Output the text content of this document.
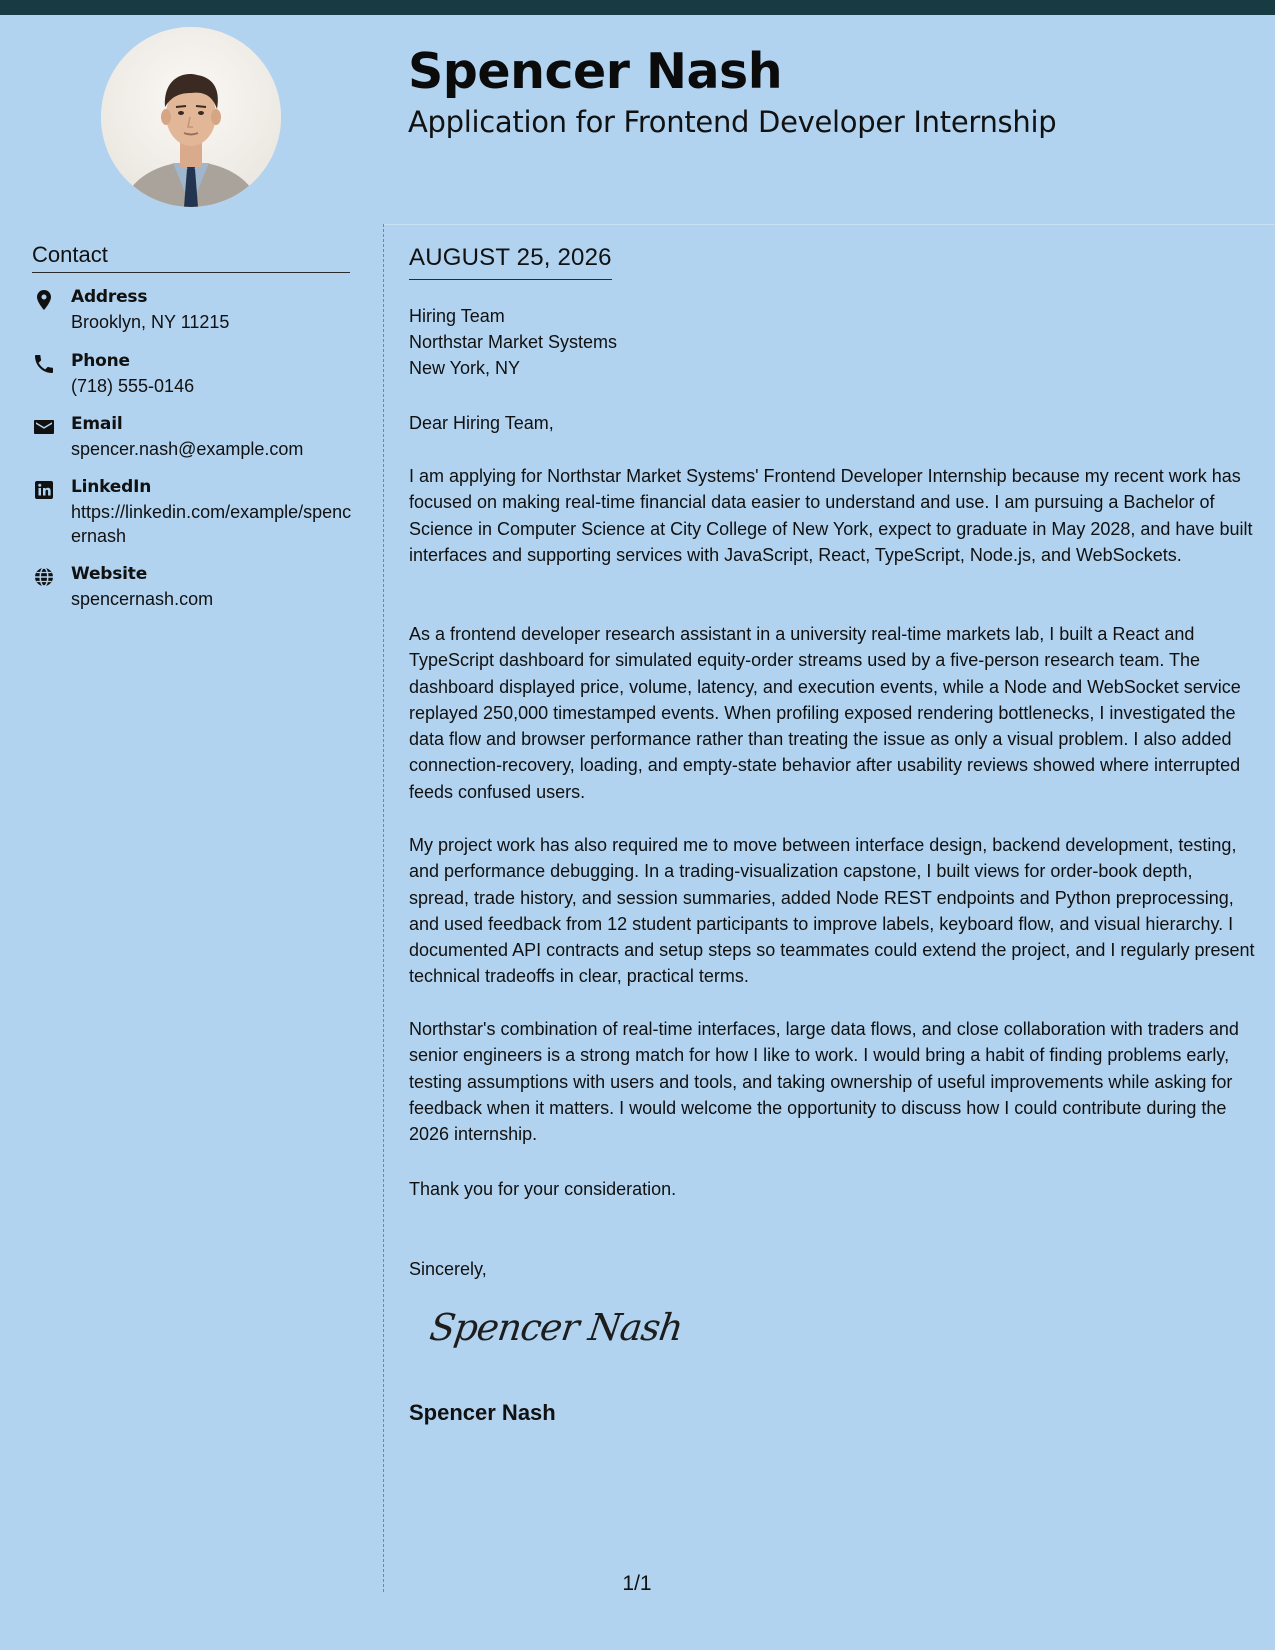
Spencer Nash
Application for Frontend Developer Internship
Contact
Address
Brooklyn, NY 11215
Phone
(718) 555-0146
Email
spencer.nash@example.com
LinkedIn
https://linkedin.com/example/spencernash
Website
spencernash.com
AUGUST 25, 2026
Hiring Team
Northstar Market Systems
New York, NY

Dear Hiring Team,

I am applying for Northstar Market Systems' Frontend Developer Internship because my recent work has focused on making real-time financial data easier to understand and use. I am pursuing a Bachelor of Science in Computer Science at City College of New York, expect to graduate in May 2028, and have built interfaces and supporting services with JavaScript, React, TypeScript, Node.js, and WebSockets.

As a frontend developer research assistant in a university real-time markets lab, I built a React and TypeScript dashboard for simulated equity-order streams used by a five-person research team. The dashboard displayed price, volume, latency, and execution events, while a Node and WebSocket service replayed 250,000 timestamped events. When profiling exposed rendering bottlenecks, I investigated the data flow and browser performance rather than treating the issue as only a visual problem. I also added connection-recovery, loading, and empty-state behavior after usability reviews showed where interrupted feeds confused users.

My project work has also required me to move between interface design, backend development, testing, and performance debugging. In a trading-visualization capstone, I built views for order-book depth, spread, trade history, and session summaries, added Node REST endpoints and Python preprocessing, and used feedback from 12 student participants to improve labels, keyboard flow, and visual hierarchy. I documented API contracts and setup steps so teammates could extend the project, and I regularly present technical tradeoffs in clear, practical terms.

Northstar's combination of real-time interfaces, large data flows, and close collaboration with traders and senior engineers is a strong match for how I like to work. I would bring a habit of finding problems early, testing assumptions with users and tools, and taking ownership of useful improvements while asking for feedback when it matters. I would welcome the opportunity to discuss how I could contribute during the 2026 internship.

Thank you for your consideration.

Sincerely,

Spencer Nash
Spencer Nash
1/1
